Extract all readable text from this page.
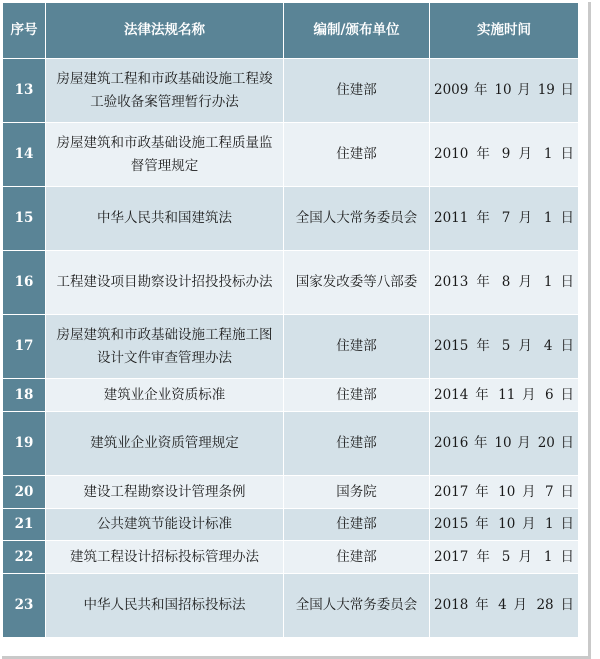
序号	法律法规名称	编制/颁布单位	实施时间
13	房屋建筑工程和市政基础设施工程竣工验收备案管理暂行办法	住建部	2009 年 10 月 19 日
14	房屋建筑和市政基础设施工程质量监督管理规定	住建部	2010 年 9 月 1 日
15	中华人民共和国建筑法	全国人大常务委员会	2011 年 7 月 1 日
16	工程建设项目勘察设计招投投标办法	国家发改委等八部委	2013 年 8 月 1 日
17	房屋建筑和市政基础设施工程施工图设计文件审查管理办法	住建部	2015 年 5 月 4 日
18	建筑业企业资质标准	住建部	2014 年 11 月 6 日
19	建筑业企业资质管理规定	住建部	2016 年 10 月 20 日
20	建设工程勘察设计管理条例	国务院	2017 年 10 月 7 日
21	公共建筑节能设计标准	住建部	2015 年 10 月 1 日
22	建筑工程设计招标投标管理办法	住建部	2017 年 5 月 1 日
23	中华人民共和国招标投标法	全国人大常务委员会	2018 年 4 月 28 日
